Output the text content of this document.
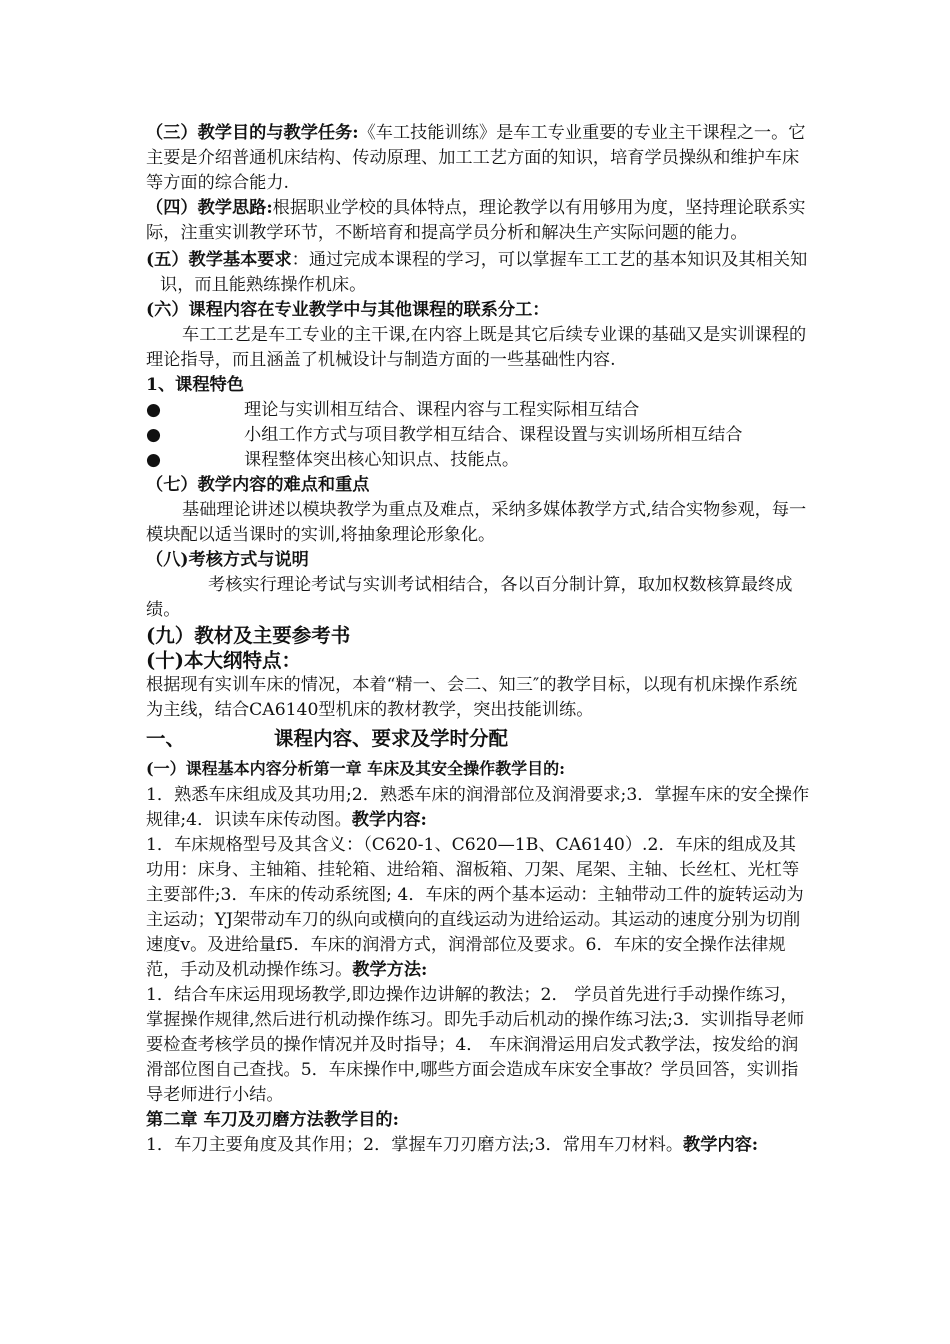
（三）教学目的与教学任务:《车工技能训练》是车工专业重要的专业主干课程之一。它主要是介绍普通机床结构、传动原理、加工工艺方面的知识，培育学员操纵和维护车床等方面的综合能力.

（四）教学思路:根据职业学校的具体特点，理论教学以有用够用为度，坚持理论联系实际，注重实训教学环节，不断培育和提高学员分析和解决生产实际问题的能力。

(五）教学基本要求：通过完成本课程的学习，可以掌握车工工艺的基本知识及其相关知识，而且能熟练操作机床。

(六）课程内容在专业教学中与其他课程的联系分工：

车工工艺是车工专业的主干课,在内容上既是其它后续专业课的基础又是实训课程的理论指导，而且涵盖了机械设计与制造方面的一些基础性内容.

1、课程特色

●	理论与实训相互结合、课程内容与工程实际相互结合
●	小组工作方式与项目教学相互结合、课程设置与实训场所相互结合
●	课程整体突出核心知识点、技能点。

（七）教学内容的难点和重点

基础理论讲述以模块教学为重点及难点，采纳多媒体教学方式,结合实物参观，每一模块配以适当课时的实训,将抽象理论形象化。

（八)考核方式与说明

考核实行理论考试与实训考试相结合，各以百分制计算，取加权数核算最终成绩。

(九）教材及主要参考书

(十)本大纲特点：

根据现有实训车床的情况，本着“精一、会二、知三″的教学目标，以现有机床操作系统为主线，结合CA6140型机床的教材教学，突出技能训练。

一、	课程内容、要求及学时分配

(一）课程基本内容分析第一章 车床及其安全操作教学目的:

1．熟悉车床组成及其功用;2．熟悉车床的润滑部位及润滑要求;3．掌握车床的安全操作规律;4．识读车床传动图。教学内容:

1．车床规格型号及其含义：（C620-1、C620—1B、CA6140）.2．车床的组成及其功用：床身、主轴箱、挂轮箱、进给箱、溜板箱、刀架、尾架、主轴、长丝杠、光杠等主要部件;3．车床的传动系统图; 4．车床的两个基本运动：主轴带动工件的旋转运动为主运动；YJ架带动车刀的纵向或横向的直线运动为进给运动。其运动的速度分别为切削速度v。及进给量f5．车床的润滑方式，润滑部位及要求。6．车床的安全操作法律规范，手动及机动操作练习。教学方法:

1．结合车床运用现场教学,即边操作边讲解的教法；2． 学员首先进行手动操作练习，掌握操作规律,然后进行机动操作练习。即先手动后机动的操作练习法;3．实训指导老师要检查考核学员的操作情况并及时指导；4． 车床润滑运用启发式教学法，按发给的润滑部位图自己查找。5．车床操作中,哪些方面会造成车床安全事故？学员回答，实训指导老师进行小结。

第二章 车刀及刃磨方法教学目的:

1．车刀主要角度及其作用；2．掌握车刀刃磨方法;3．常用车刀材料。教学内容:
